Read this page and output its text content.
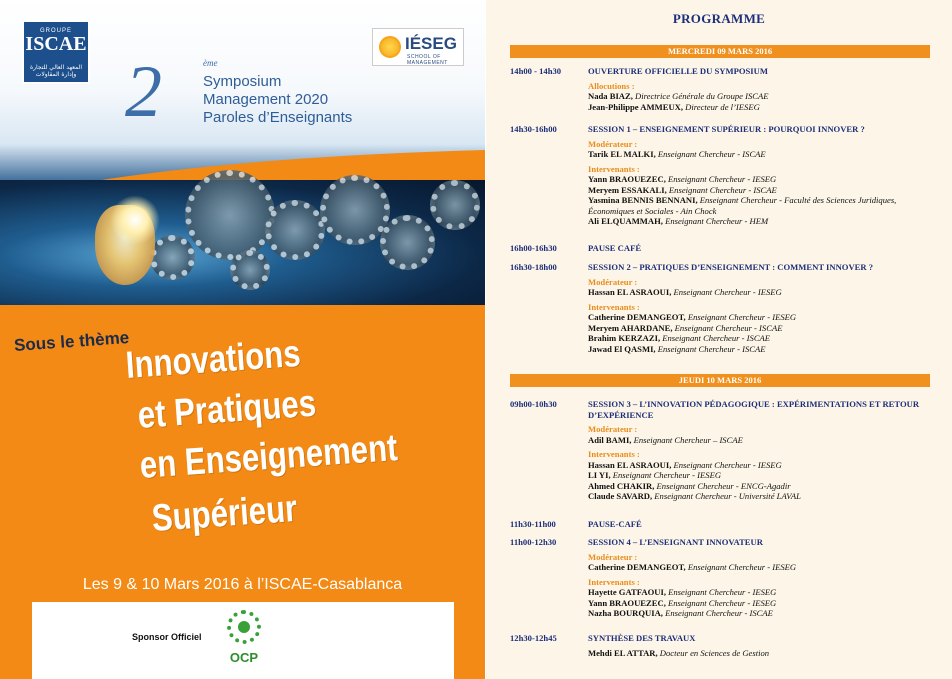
GROUPE
ISCAE
المعهد العالي للتجارة وإدارة المقاولات
IÉSEG
SCHOOL OF MANAGEMENT
2	ème
Symposium
Management 2020
Paroles d’Enseignants
Sous le thème
Innovations
et Pratiques
en Enseignement
Supérieur
Les 9 & 10 Mars 2016 à l’ISCAE-Casablanca
Sponsor Officiel
OCP
PROGRAMME
MERCREDI 09 MARS 2016
JEUDI 10 MARS 2016
14h00 - 14h30	OUVERTURE OFFICIELLE DU SYMPOSIUM
Allocutions :
Nada BIAZ, Directrice Générale du Groupe ISCAE
Jean-Philippe AMMEUX, Directeur de l’IESEG
14h30-16h00	SESSION 1 – ENSEIGNEMENT SUPÉRIEUR : POURQUOI INNOVER ?
Modérateur :
Tarik EL MALKI, Enseignant Chercheur - ISCAE
Intervenants :
Yann BRAOUEZEC, Enseignant Chercheur - IESEG
Meryem ESSAKALI, Enseignant Chercheur - ISCAE
Yasmina BENNIS BENNANI, Enseignant Chercheur - Faculté des Sciences Juridiques, Économiques et Sociales - Ain Chock
Ali ELQUAMMAH, Enseignant Chercheur - HEM
16h00-16h30	PAUSE CAFÉ
16h30-18h00	SESSION 2 – PRATIQUES D’ENSEIGNEMENT : COMMENT INNOVER ?
Modérateur :
Hassan EL ASRAOUI, Enseignant Chercheur - IESEG
Intervenants :
Catherine DEMANGEOT, Enseignant Chercheur - IESEG
Meryem AHARDANE, Enseignant Chercheur - ISCAE
Brahim KERZAZI, Enseignant Chercheur - ISCAE
Jawad El QASMI, Enseignant Chercheur - ISCAE
09h00-10h30	SESSION 3 – L’INNOVATION PÉDAGOGIQUE : EXPÉRIMENTATIONS ET RETOUR D’EXPÉRIENCE
Modérateur :
Adil BAMI, Enseignant Chercheur – ISCAE
Intervenants :
Hassan EL ASRAOUI, Enseignant Chercheur - IESEG
LI YI, Enseignant Chercheur - IESEG
Ahmed CHAKIR, Enseignant Chercheur - ENCG-Agadir
Claude SAVARD, Enseignant Chercheur - Université LAVAL
11h30-11h00	PAUSE-CAFÉ
11h00-12h30	SESSION 4 – L’ENSEIGNANT INNOVATEUR
Modérateur :
Catherine DEMANGEOT, Enseignant Chercheur - IESEG
Intervenants :
Hayette GATFAOUI, Enseignant Chercheur - IESEG
Yann BRAOUEZEC, Enseignant Chercheur - IESEG
Nazha BOURQUIA, Enseignant Chercheur - ISCAE
12h30-12h45	SYNTHÈSE DES TRAVAUX
Mehdi EL ATTAR, Docteur en Sciences de Gestion
